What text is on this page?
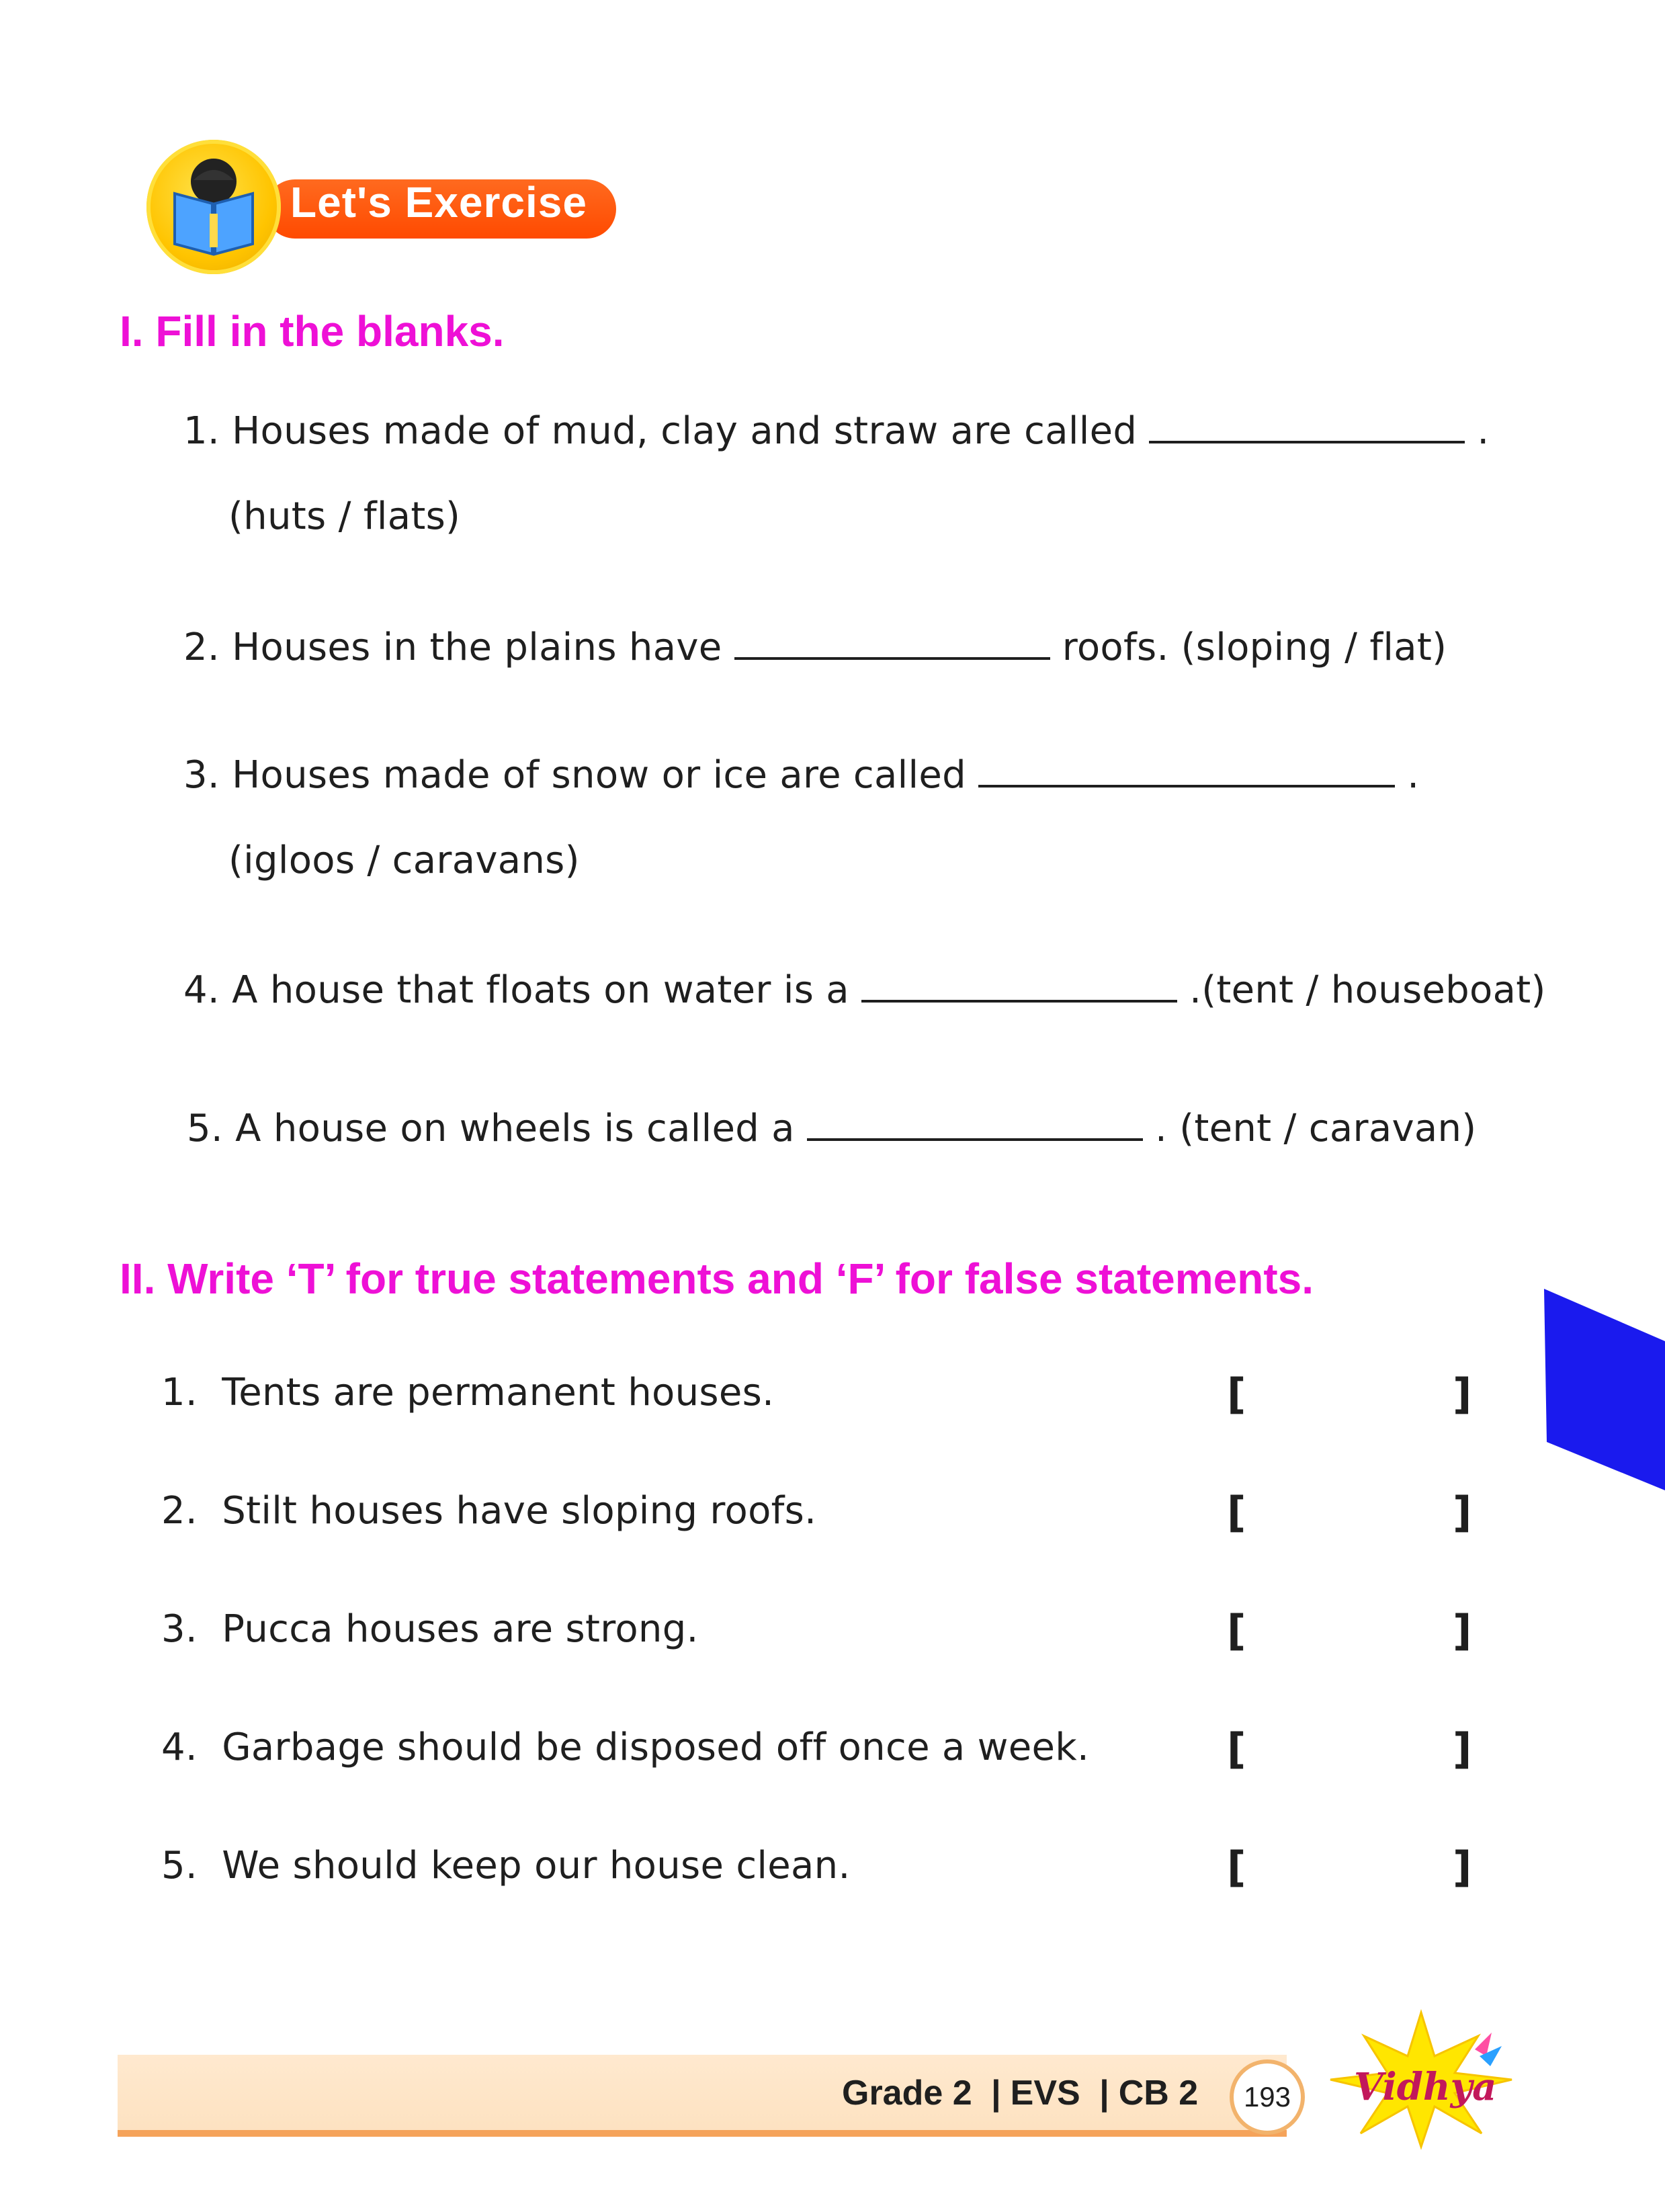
Let's Exercise
I. Fill in the blanks.
1. Houses made of mud, clay and straw are called	.
(huts / flats)
2. Houses in the plains have	roofs. (sloping / flat)
3. Houses made of snow or ice are called	.
(igloos / caravans)
4. A house that floats on water is a	.(tent / houseboat)
5. A house on wheels is called a	. (tent / caravan)
II. Write ‘T’ for true statements and ‘F’ for false statements.
1. Tents are permanent houses.	[	]
2. Stilt houses have sloping roofs.	[	]
3. Pucca houses are strong.	[	]
4. Garbage should be disposed off once a week.	[	]
5. We should keep our house clean.	[	]
Grade 2 | EVS | CB 2	193	Vidhya
